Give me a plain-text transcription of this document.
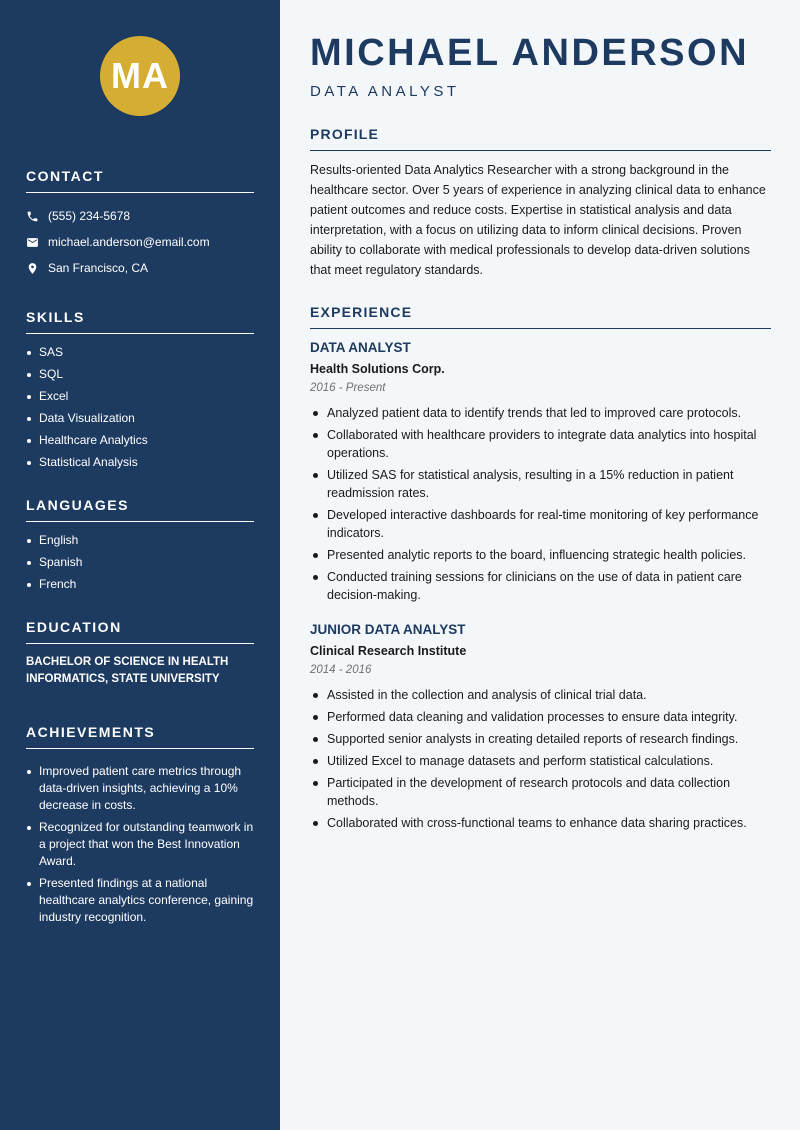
MA
CONTACT
(555) 234-5678
michael.anderson@email.com
San Francisco, CA
SKILLS
SAS
SQL
Excel
Data Visualization
Healthcare Analytics
Statistical Analysis
LANGUAGES
English
Spanish
French
EDUCATION
BACHELOR OF SCIENCE IN HEALTH INFORMATICS, STATE UNIVERSITY
ACHIEVEMENTS
Improved patient care metrics through data-driven insights, achieving a 10% decrease in costs.
Recognized for outstanding teamwork in a project that won the Best Innovation Award.
Presented findings at a national healthcare analytics conference, gaining industry recognition.
MICHAEL ANDERSON
DATA ANALYST
PROFILE

Results-oriented Data Analytics Researcher with a strong background in the healthcare sector. Over 5 years of experience in analyzing clinical data to enhance patient outcomes and reduce costs. Expertise in statistical analysis and data interpretation, with a focus on utilizing data to inform clinical decisions. Proven ability to collaborate with medical professionals to develop data-driven solutions that meet regulatory standards.

EXPERIENCE
DATA ANALYST
Health Solutions Corp.
2016 - Present
Analyzed patient data to identify trends that led to improved care protocols.
Collaborated with healthcare providers to integrate data analytics into hospital operations.
Utilized SAS for statistical analysis, resulting in a 15% reduction in patient readmission rates.
Developed interactive dashboards for real-time monitoring of key performance indicators.
Presented analytic reports to the board, influencing strategic health policies.
Conducted training sessions for clinicians on the use of data in patient care decision-making.
JUNIOR DATA ANALYST
Clinical Research Institute
2014 - 2016
Assisted in the collection and analysis of clinical trial data.
Performed data cleaning and validation processes to ensure data integrity.
Supported senior analysts in creating detailed reports of research findings.
Utilized Excel to manage datasets and perform statistical calculations.
Participated in the development of research protocols and data collection methods.
Collaborated with cross-functional teams to enhance data sharing practices.
